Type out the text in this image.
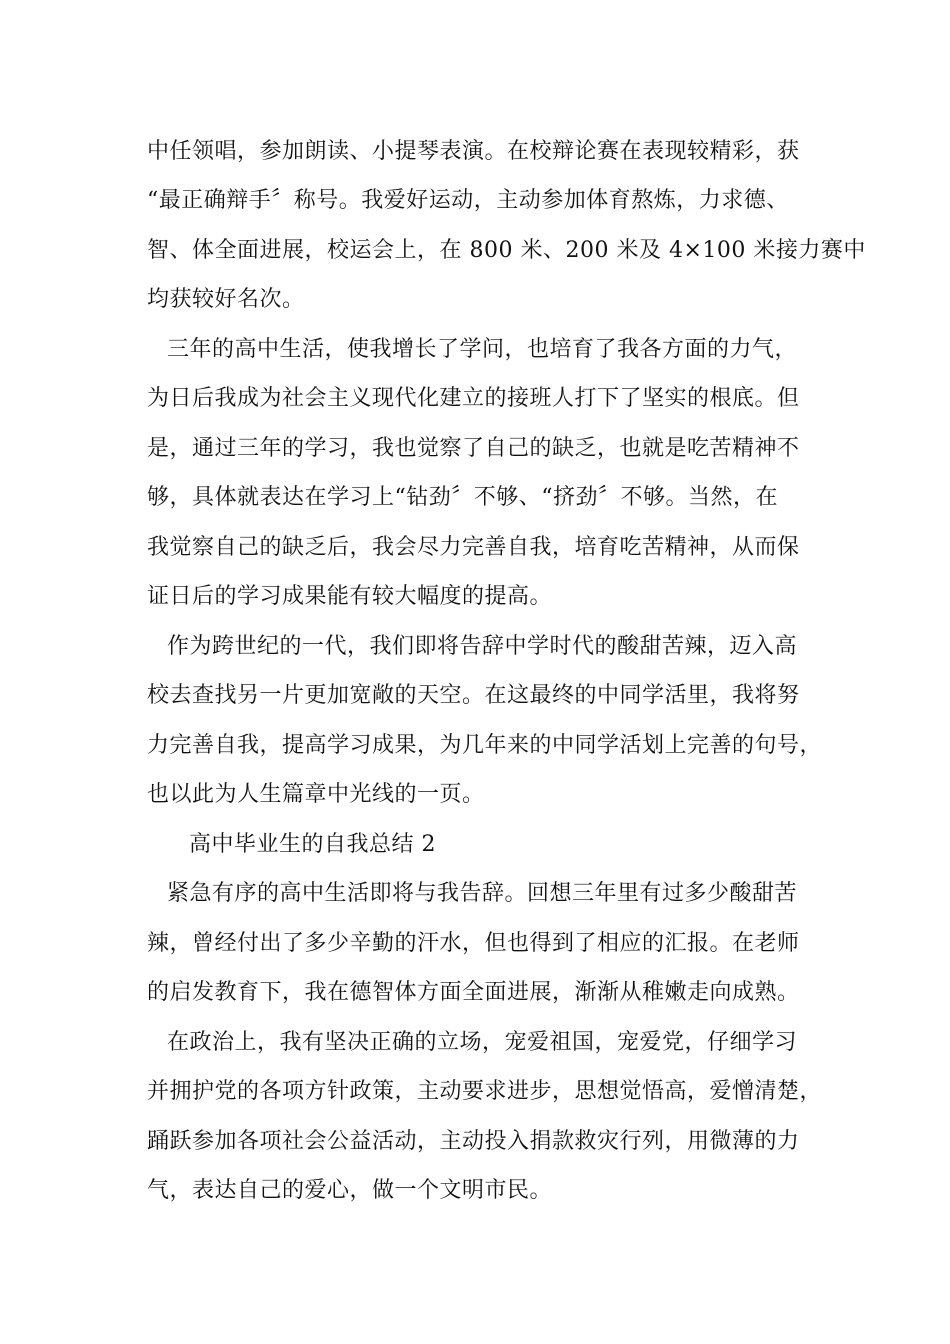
中任领唱，参加朗读、小提琴表演。在校辩论赛在表现较精彩，获
“最正确辩手〞称号。我爱好运动，主动参加体育熬炼，力求德、
智、体全面进展，校运会上，在 800 米、200 米及 4×100 米接力赛中
均获较好名次。
三年的高中生活，使我增长了学问，也培育了我各方面的力气，
为日后我成为社会主义现代化建立的接班人打下了坚实的根底。但
是，通过三年的学习，我也觉察了自己的缺乏，也就是吃苦精神不
够，具体就表达在学习上“钻劲〞不够、“挤劲〞不够。当然，在
我觉察自己的缺乏后，我会尽力完善自我，培育吃苦精神，从而保
证日后的学习成果能有较大幅度的提高。
作为跨世纪的一代，我们即将告辞中学时代的酸甜苦辣，迈入高
校去查找另一片更加宽敞的天空。在这最终的中同学活里，我将努
力完善自我，提高学习成果，为几年来的中同学活划上完善的句号，
也以此为人生篇章中光线的一页。
高中毕业生的自我总结 2
紧急有序的高中生活即将与我告辞。回想三年里有过多少酸甜苦
辣，曾经付出了多少辛勤的汗水，但也得到了相应的汇报。在老师
的启发教育下，我在德智体方面全面进展，渐渐从稚嫩走向成熟。
在政治上，我有坚决正确的立场，宠爱祖国，宠爱党，仔细学习
并拥护党的各项方针政策，主动要求进步，思想觉悟高，爱憎清楚，
踊跃参加各项社会公益活动，主动投入捐款救灾行列，用微薄的力
气，表达自己的爱心，做一个文明市民。
